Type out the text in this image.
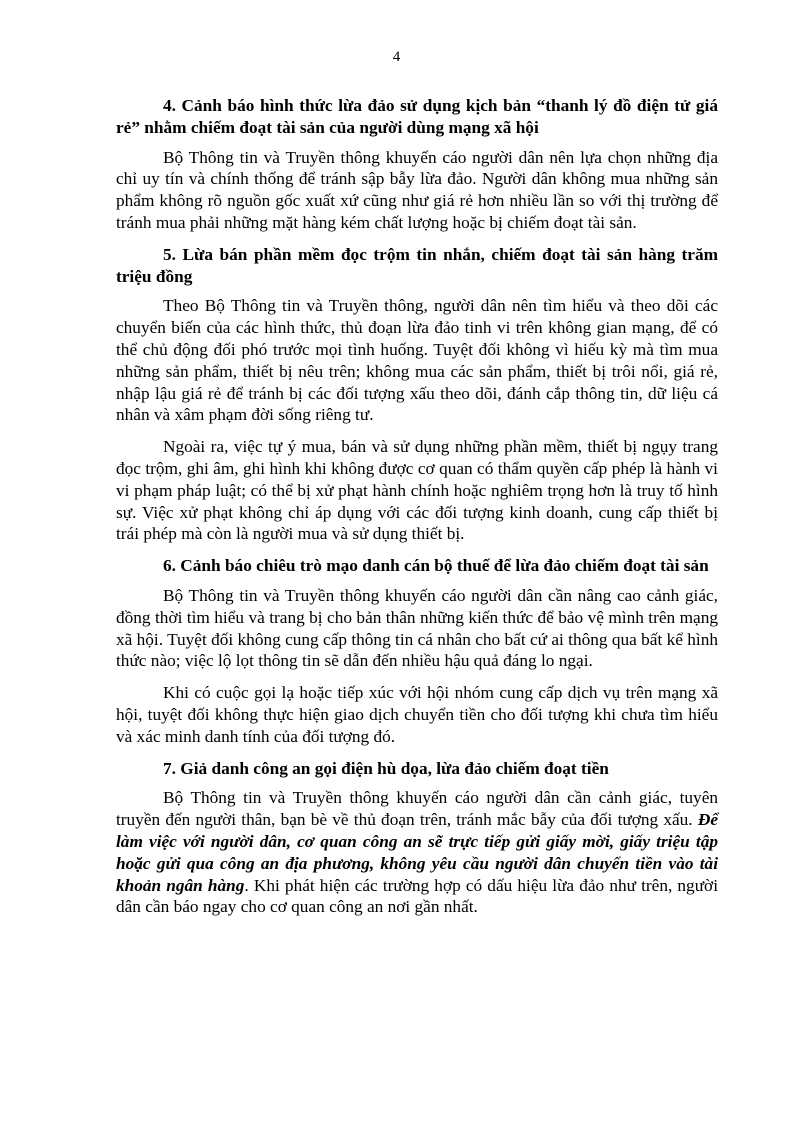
4
4. Cảnh báo hình thức lừa đảo sử dụng kịch bản “thanh lý đồ điện tử giá rẻ” nhằm chiếm đoạt tài sản của người dùng mạng xã hội

Bộ Thông tin và Truyền thông khuyến cáo người dân nên lựa chọn những địa chỉ uy tín và chính thống để tránh sập bẫy lừa đảo. Người dân không mua những sản phẩm không rõ nguồn gốc xuất xứ cũng như giá rẻ hơn nhiều lần so với thị trường để tránh mua phải những mặt hàng kém chất lượng hoặc bị chiếm đoạt tài sản.

5. Lừa bán phần mềm đọc trộm tin nhắn, chiếm đoạt tài sản hàng trăm triệu đồng

Theo Bộ Thông tin và Truyền thông, người dân nên tìm hiểu và theo dõi các chuyển biến của các hình thức, thủ đoạn lừa đảo tinh vi trên không gian mạng, để có thể chủ động đối phó trước mọi tình huống. Tuyệt đối không vì hiếu kỳ mà tìm mua những sản phẩm, thiết bị nêu trên; không mua các sản phẩm, thiết bị trôi nổi, giá rẻ, nhập lậu giá rẻ để tránh bị các đối tượng xấu theo dõi, đánh cắp thông tin, dữ liệu cá nhân và xâm phạm đời sống riêng tư.

Ngoài ra, việc tự ý mua, bán và sử dụng những phần mềm, thiết bị ngụy trang đọc trộm, ghi âm, ghi hình khi không được cơ quan có thẩm quyền cấp phép là hành vi vi phạm pháp luật; có thể bị xử phạt hành chính hoặc nghiêm trọng hơn là truy tố hình sự. Việc xử phạt không chỉ áp dụng với các đối tượng kinh doanh, cung cấp thiết bị trái phép mà còn là người mua và sử dụng thiết bị.

6. Cảnh báo chiêu trò mạo danh cán bộ thuế để lừa đảo chiếm đoạt tài sản

Bộ Thông tin và Truyền thông khuyến cáo người dân cần nâng cao cảnh giác, đồng thời tìm hiểu và trang bị cho bản thân những kiến thức để bảo vệ mình trên mạng xã hội. Tuyệt đối không cung cấp thông tin cá nhân cho bất cứ ai thông qua bất kể hình thức nào; việc lộ lọt thông tin sẽ dẫn đến nhiều hậu quả đáng lo ngại.

Khi có cuộc gọi lạ hoặc tiếp xúc với hội nhóm cung cấp dịch vụ trên mạng xã hội, tuyệt đối không thực hiện giao dịch chuyển tiền cho đối tượng khi chưa tìm hiểu và xác minh danh tính của đối tượng đó.

7. Giả danh công an gọi điện hù dọa, lừa đảo chiếm đoạt tiền

Bộ Thông tin và Truyền thông khuyến cáo người dân cần cảnh giác, tuyên truyền đến người thân, bạn bè về thủ đoạn trên, tránh mắc bẫy của đối tượng xấu. Để làm việc với người dân, cơ quan công an sẽ trực tiếp gửi giấy mời, giấy triệu tập hoặc gửi qua công an địa phương, không yêu cầu người dân chuyển tiền vào tài khoản ngân hàng. Khi phát hiện các trường hợp có dấu hiệu lừa đảo như trên, người dân cần báo ngay cho cơ quan công an nơi gần nhất.
